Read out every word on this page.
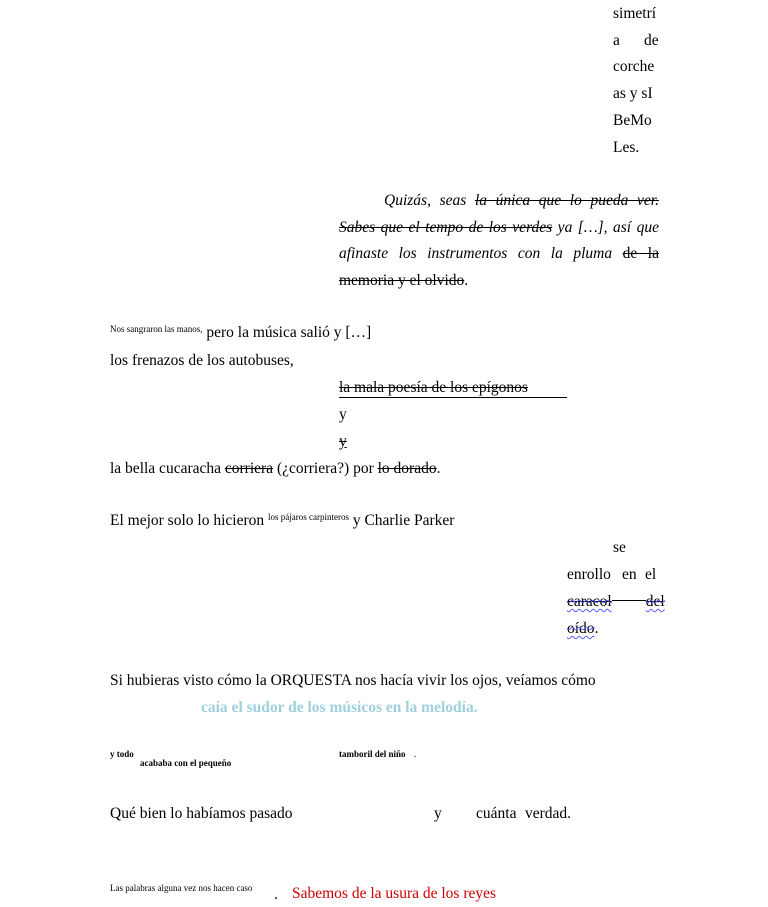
simetrí
a de
corche
as y sI
BeMo
Les.
Quizás, seas la única que lo pueda ver.
Sabes que el tempo de los verdes ya […], así que
afinaste los instrumentos con la pluma de la
memoria y el olvido.
$^{Nos sangraron las manos,}$ pero la música salió y […]
los frenazos de los autobuses,
la mala poesía de los epígonos
y
y
la bella cucaracha corriera (¿corriera?) por lo dorado.
El mejor solo lo hicieron $^{los pájaros carpinteros}$ y Charlie Parker
se
enrollo en el
caracol del
oído.
Si hubieras visto cómo la ORQUESTA nos hacía vivir los ojos, veíamos cómo
caía el sudor de los músicos en la melodía.
y todo
acababa con el pequeño
tamboril del niño .
Qué bien lo habíamos pasado	y cuánta verdad.
Las palabras alguna vez nos hacen caso . Sabemos de la usura de los reyes
